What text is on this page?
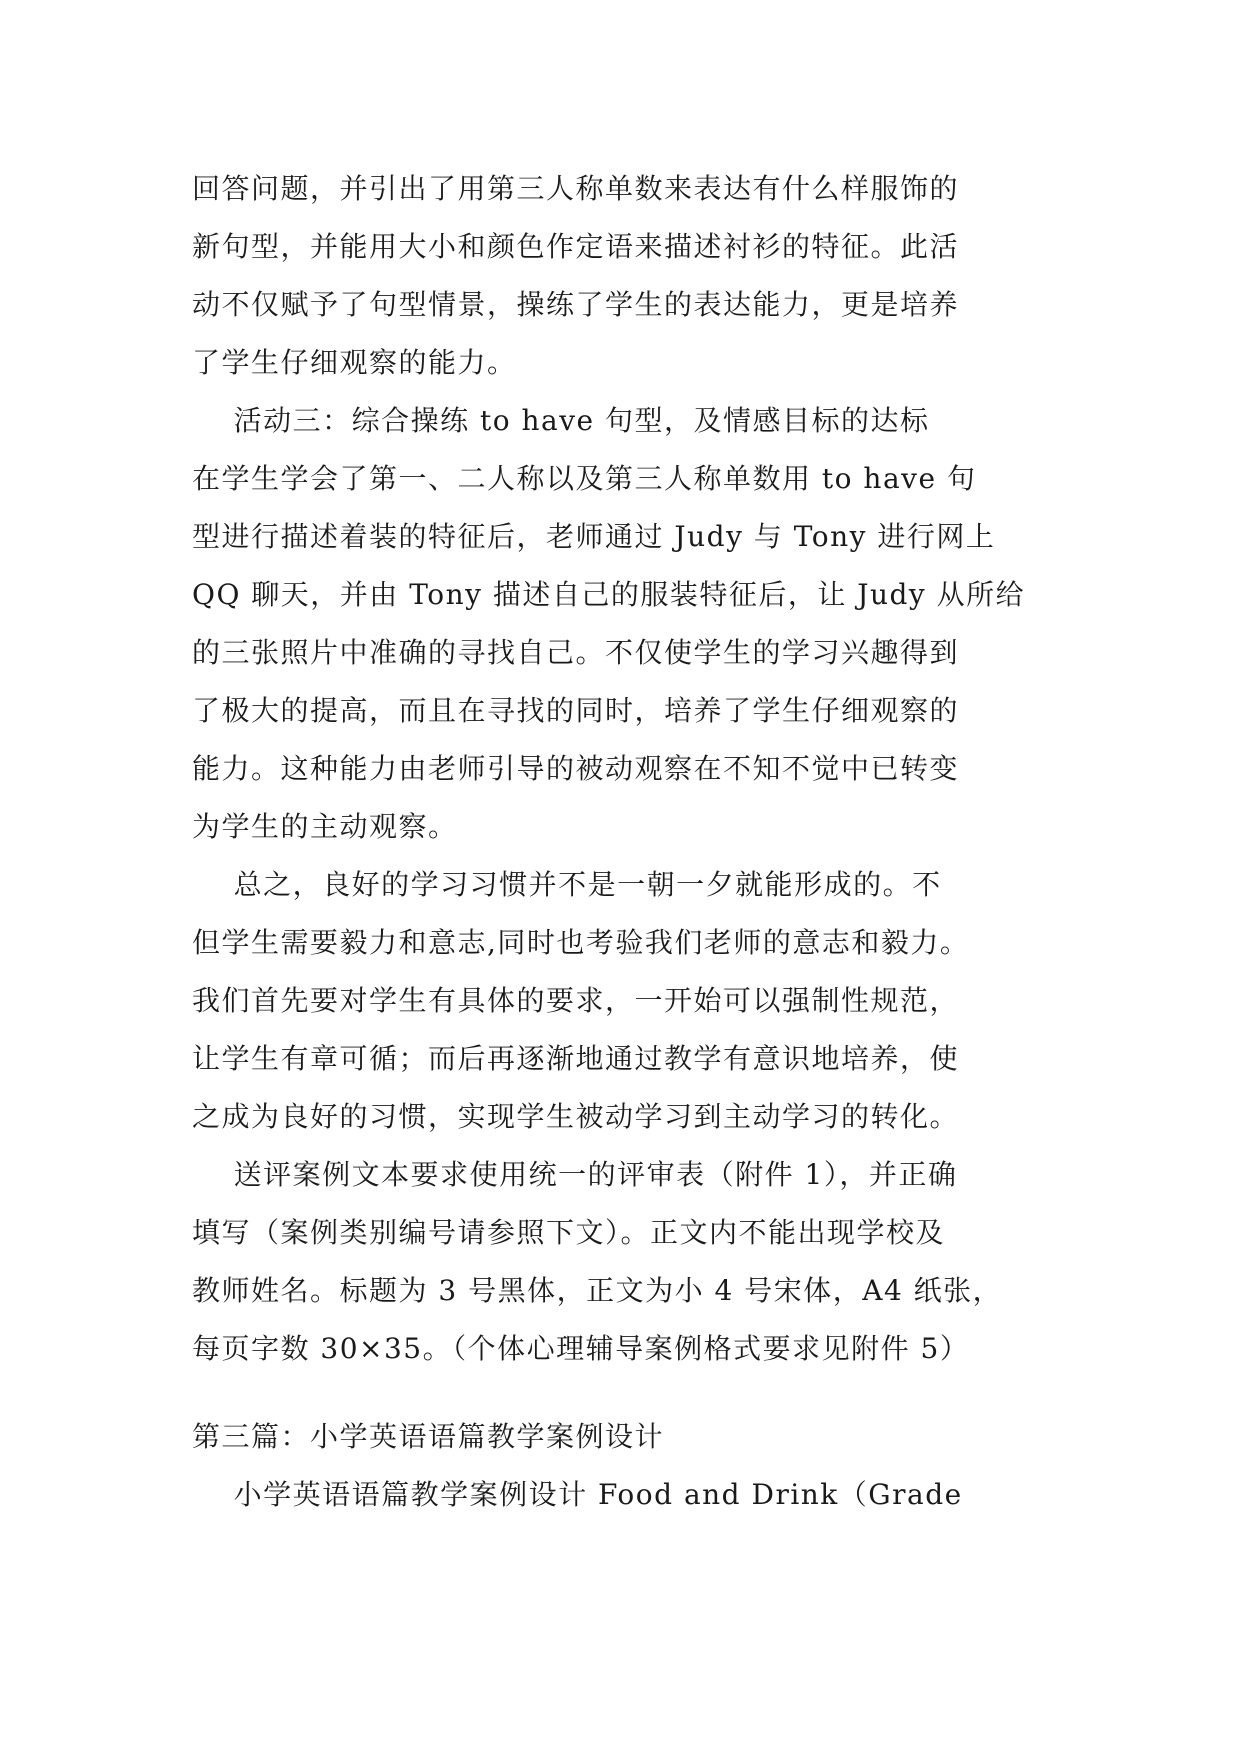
回答问题，并引出了用第三人称单数来表达有什么样服饰的
新句型，并能用大小和颜色作定语来描述衬衫的特征。此活
动不仅赋予了句型情景，操练了学生的表达能力，更是培养
了学生仔细观察的能力。
活动三：综合操练 to have 句型，及情感目标的达标
在学生学会了第一、二人称以及第三人称单数用 to have 句
型进行描述着装的特征后，老师通过 Judy 与 Tony 进行网上
QQ 聊天，并由 Tony 描述自己的服装特征后，让 Judy 从所给
的三张照片中准确的寻找自己。不仅使学生的学习兴趣得到
了极大的提高，而且在寻找的同时，培养了学生仔细观察的
能力。这种能力由老师引导的被动观察在不知不觉中已转变
为学生的主动观察。
总之，良好的学习习惯并不是一朝一夕就能形成的。不
但学生需要毅力和意志,同时也考验我们老师的意志和毅力。
我们首先要对学生有具体的要求，一开始可以强制性规范，
让学生有章可循；而后再逐渐地通过教学有意识地培养，使
之成为良好的习惯，实现学生被动学习到主动学习的转化。
送评案例文本要求使用统一的评审表（附件 1），并正确
填写（案例类别编号请参照下文）。正文内不能出现学校及
教师姓名。标题为 3 号黑体，正文为小 4 号宋体，A4 纸张，
每页字数 30×35。（个体心理辅导案例格式要求见附件 5）
第三篇：小学英语语篇教学案例设计
小学英语语篇教学案例设计 Food and Drink（Grade
